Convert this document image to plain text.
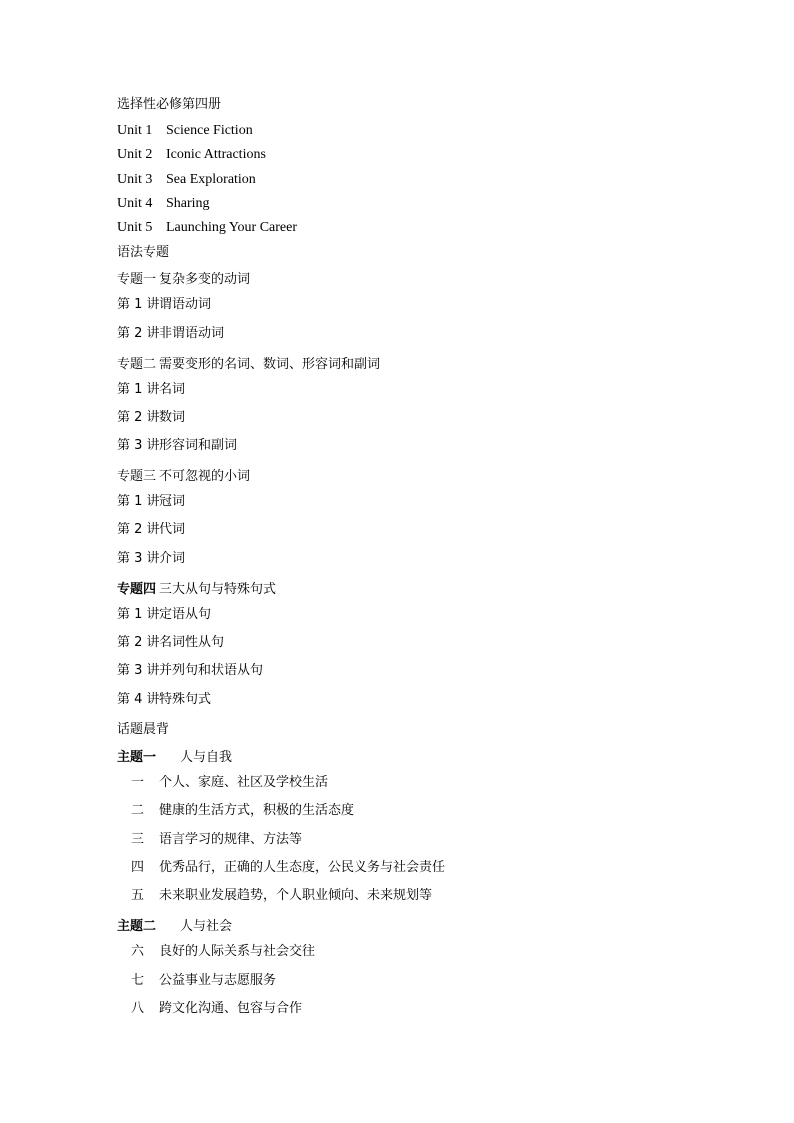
选择性必修第四册
Unit 1 Science Fiction
Unit 2 Iconic Attractions
Unit 3 Sea Exploration
Unit 4 Sharing
Unit 5 Launching Your Career
语法专题
专题一 复杂多变的动词
第 1 讲谓语动词
第 2 讲非谓语动词
专题二 需要变形的名词、数词、形容词和副词
第 1 讲名词
第 2 讲数词
第 3 讲形容词和副词
专题三 不可忽视的小词
第 1 讲冠词
第 2 讲代词
第 3 讲介词
专题四 三大从句与特殊句式
第 1 讲定语从句
第 2 讲名词性从句
第 3 讲并列句和状语从句
第 4 讲特殊句式
话题晨背
主题一 人与自我
一 个人、家庭、社区及学校生活
二 健康的生活方式，积极的生活态度
三 语言学习的规律、方法等
四 优秀品行，正确的人生态度，公民义务与社会责任
五 未来职业发展趋势，个人职业倾向、未来规划等
主题二 人与社会
六 良好的人际关系与社会交往
七 公益事业与志愿服务
八 跨文化沟通、包容与合作
